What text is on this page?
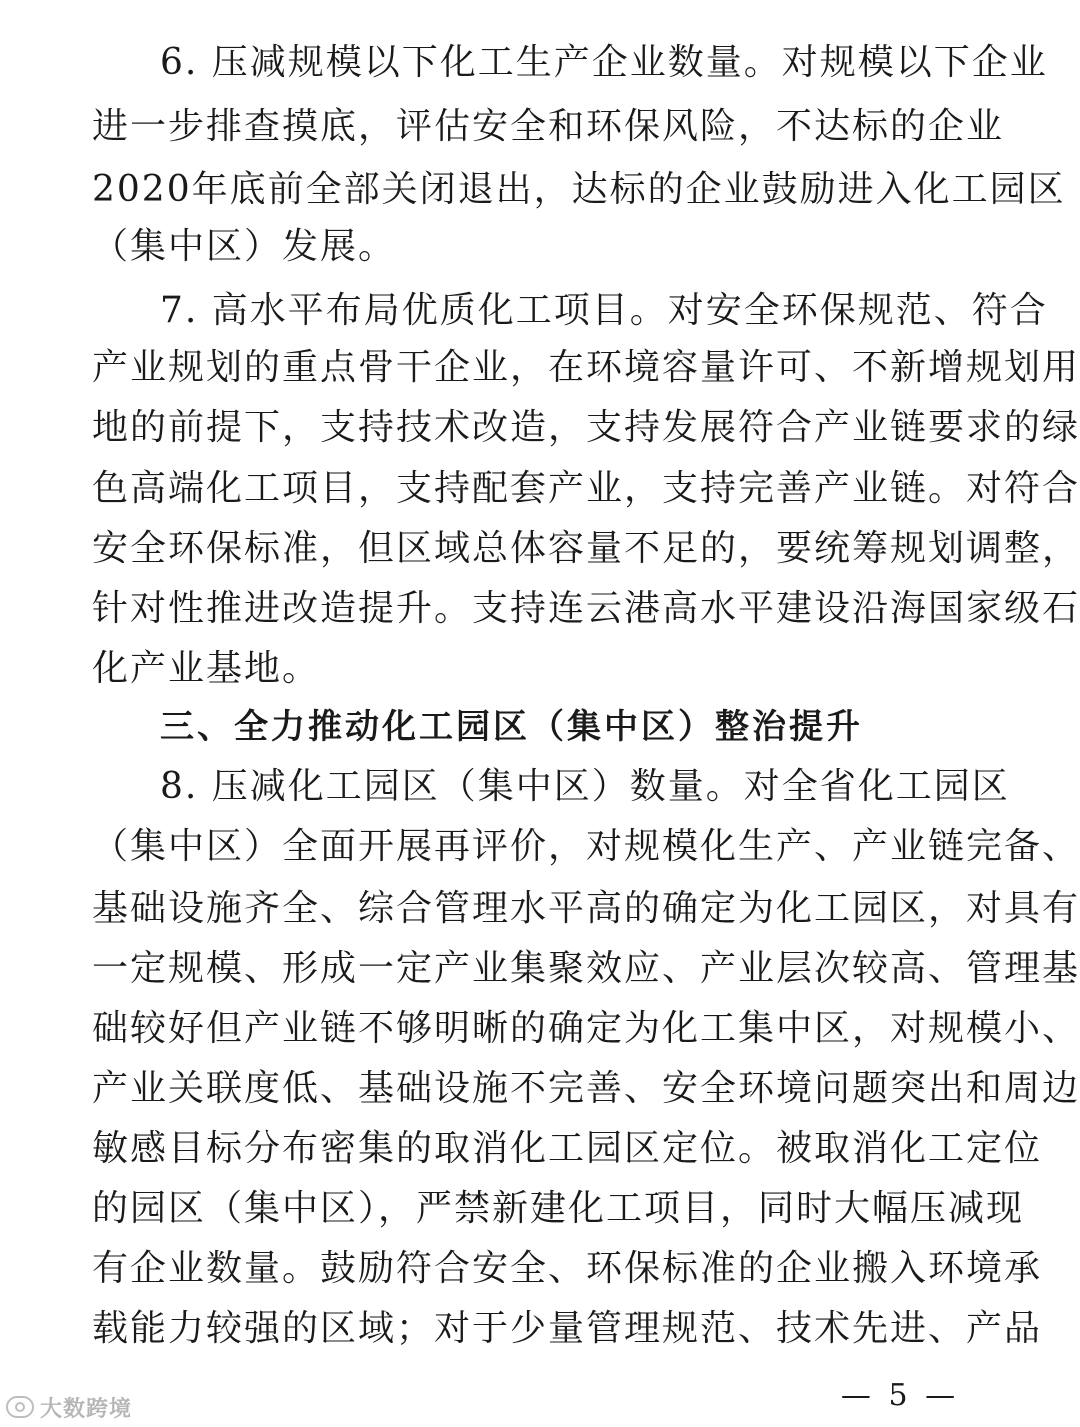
6. 压减规模以下化工生产企业数量。对规模以下企业
进一步排查摸底，评估安全和环保风险，不达标的企业
2020年底前全部关闭退出，达标的企业鼓励进入化工园区
（集中区）发展。
7. 高水平布局优质化工项目。对安全环保规范、符合
产业规划的重点骨干企业，在环境容量许可、不新增规划用
地的前提下，支持技术改造，支持发展符合产业链要求的绿
色高端化工项目，支持配套产业，支持完善产业链。对符合
安全环保标准，但区域总体容量不足的，要统筹规划调整，
针对性推进改造提升。支持连云港高水平建设沿海国家级石
化产业基地。
三、全力推动化工园区（集中区）整治提升
8. 压减化工园区（集中区）数量。对全省化工园区
（集中区）全面开展再评价，对规模化生产、产业链完备、
基础设施齐全、综合管理水平高的确定为化工园区，对具有
一定规模、形成一定产业集聚效应、产业层次较高、管理基
础较好但产业链不够明晰的确定为化工集中区，对规模小、
产业关联度低、基础设施不完善、安全环境问题突出和周边
敏感目标分布密集的取消化工园区定位。被取消化工定位
的园区（集中区），严禁新建化工项目，同时大幅压减现
有企业数量。鼓励符合安全、环保标准的企业搬入环境承
载能力较强的区域；对于少量管理规范、技术先进、产品
— 5 —
大数跨境
